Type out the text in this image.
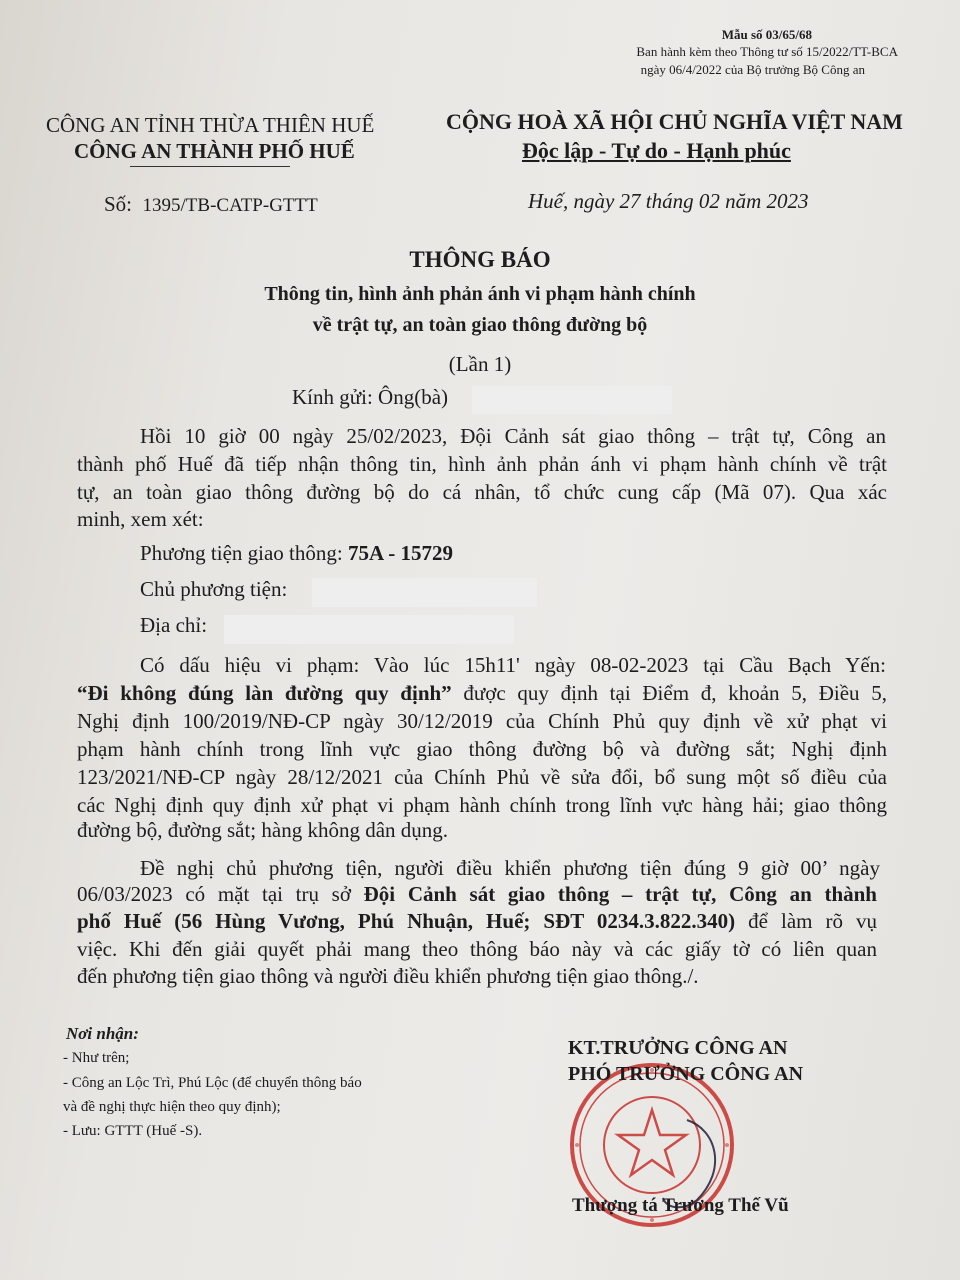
Mẫu số 03/65/68
Ban hành kèm theo Thông tư số 15/2022/TT-BCA
ngày 06/4/2022 của Bộ trưởng Bộ Công an
CÔNG AN TỈNH THỪA THIÊN HUẾ
CÔNG AN THÀNH PHỐ HUẾ
CỘNG HOÀ XÃ HỘI CHỦ NGHĨA VIỆT NAM
Độc lập - Tự do - Hạnh phúc
Số: 1395/TB-CATP-GTTT	Huế, ngày 27 tháng 02 năm 2023
THÔNG BÁO
Thông tin, hình ảnh phản ánh vi phạm hành chính
về trật tự, an toàn giao thông đường bộ
(Lần 1)
Kính gửi: Ông(bà)
Hồi 10 giờ 00 ngày 25/02/2023, Đội Cảnh sát giao thông – trật tự, Công an
thành phố Huế đã tiếp nhận thông tin, hình ảnh phản ánh vi phạm hành chính về trật
tự, an toàn giao thông đường bộ do cá nhân, tổ chức cung cấp (Mã 07). Qua xác
minh, xem xét:
Phương tiện giao thông: 75A - 15729
Chủ phương tiện:
Địa chỉ:
Có dấu hiệu vi phạm: Vào lúc 15h11' ngày 08-02-2023 tại Cầu Bạch Yến:
“Đi không đúng làn đường quy định” được quy định tại Điểm đ, khoản 5, Điều 5,
Nghị định 100/2019/NĐ-CP ngày 30/12/2019 của Chính Phủ quy định về xử phạt vi
phạm hành chính trong lĩnh vực giao thông đường bộ và đường sắt; Nghị định
123/2021/NĐ-CP ngày 28/12/2021 của Chính Phủ về sửa đổi, bổ sung một số điều của
các Nghị định quy định xử phạt vi phạm hành chính trong lĩnh vực hàng hải; giao thông
đường bộ, đường sắt; hàng không dân dụng.
Đề nghị chủ phương tiện, người điều khiển phương tiện đúng 9 giờ 00’ ngày
06/03/2023 có mặt tại trụ sở Đội Cảnh sát giao thông – trật tự, Công an thành
phố Huế (56 Hùng Vương, Phú Nhuận, Huế; SĐT 0234.3.822.340) để làm rõ vụ
việc. Khi đến giải quyết phải mang theo thông báo này và các giấy tờ có liên quan
đến phương tiện giao thông và người điều khiển phương tiện giao thông./.
Nơi nhận:
- Như trên;
- Công an Lộc Trì, Phú Lộc (để chuyển thông báo
và đề nghị thực hiện theo quy định);
- Lưu: GTTT (Huế -S).
KT.TRƯỞNG CÔNG AN
PHÓ TRƯỞNG CÔNG AN
Thượng tá Trương Thế Vũ
